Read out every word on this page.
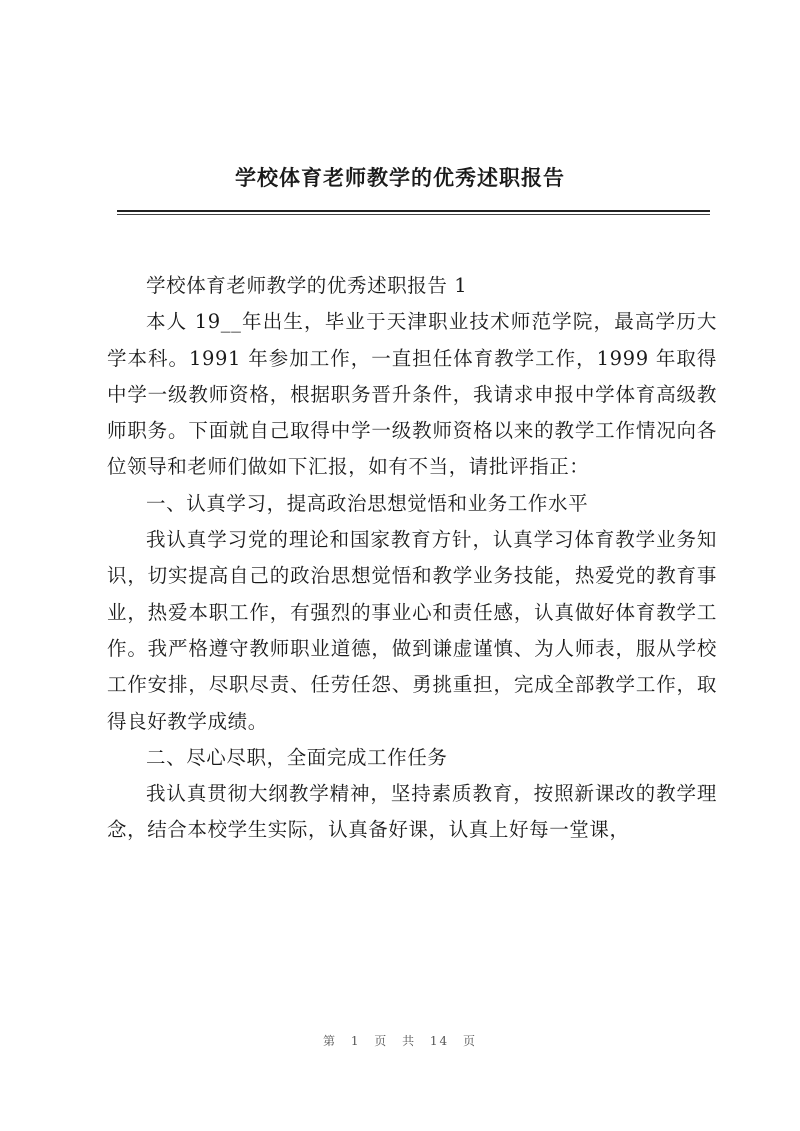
学校体育老师教学的优秀述职报告

学校体育老师教学的优秀述职报告 1

本人 19__年出生，毕业于天津职业技术师范学院，最高学历大学本科。1991 年参加工作，一直担任体育教学工作，1999 年取得中学一级教师资格，根据职务晋升条件，我请求申报中学体育高级教师职务。下面就自己取得中学一级教师资格以来的教学工作情况向各位领导和老师们做如下汇报，如有不当，请批评指正：

一、认真学习，提高政治思想觉悟和业务工作水平

我认真学习党的理论和国家教育方针，认真学习体育教学业务知识，切实提高自己的政治思想觉悟和教学业务技能，热爱党的教育事业，热爱本职工作，有强烈的事业心和责任感，认真做好体育教学工作。我严格遵守教师职业道德，做到谦虚谨慎、为人师表，服从学校工作安排，尽职尽责、任劳任怨、勇挑重担，完成全部教学工作，取得良好教学成绩。

二、尽心尽职，全面完成工作任务

我认真贯彻大纲教学精神，坚持素质教育，按照新课改的教学理念，结合本校学生实际，认真备好课，认真上好每一堂课，

第 1 页 共 14 页
